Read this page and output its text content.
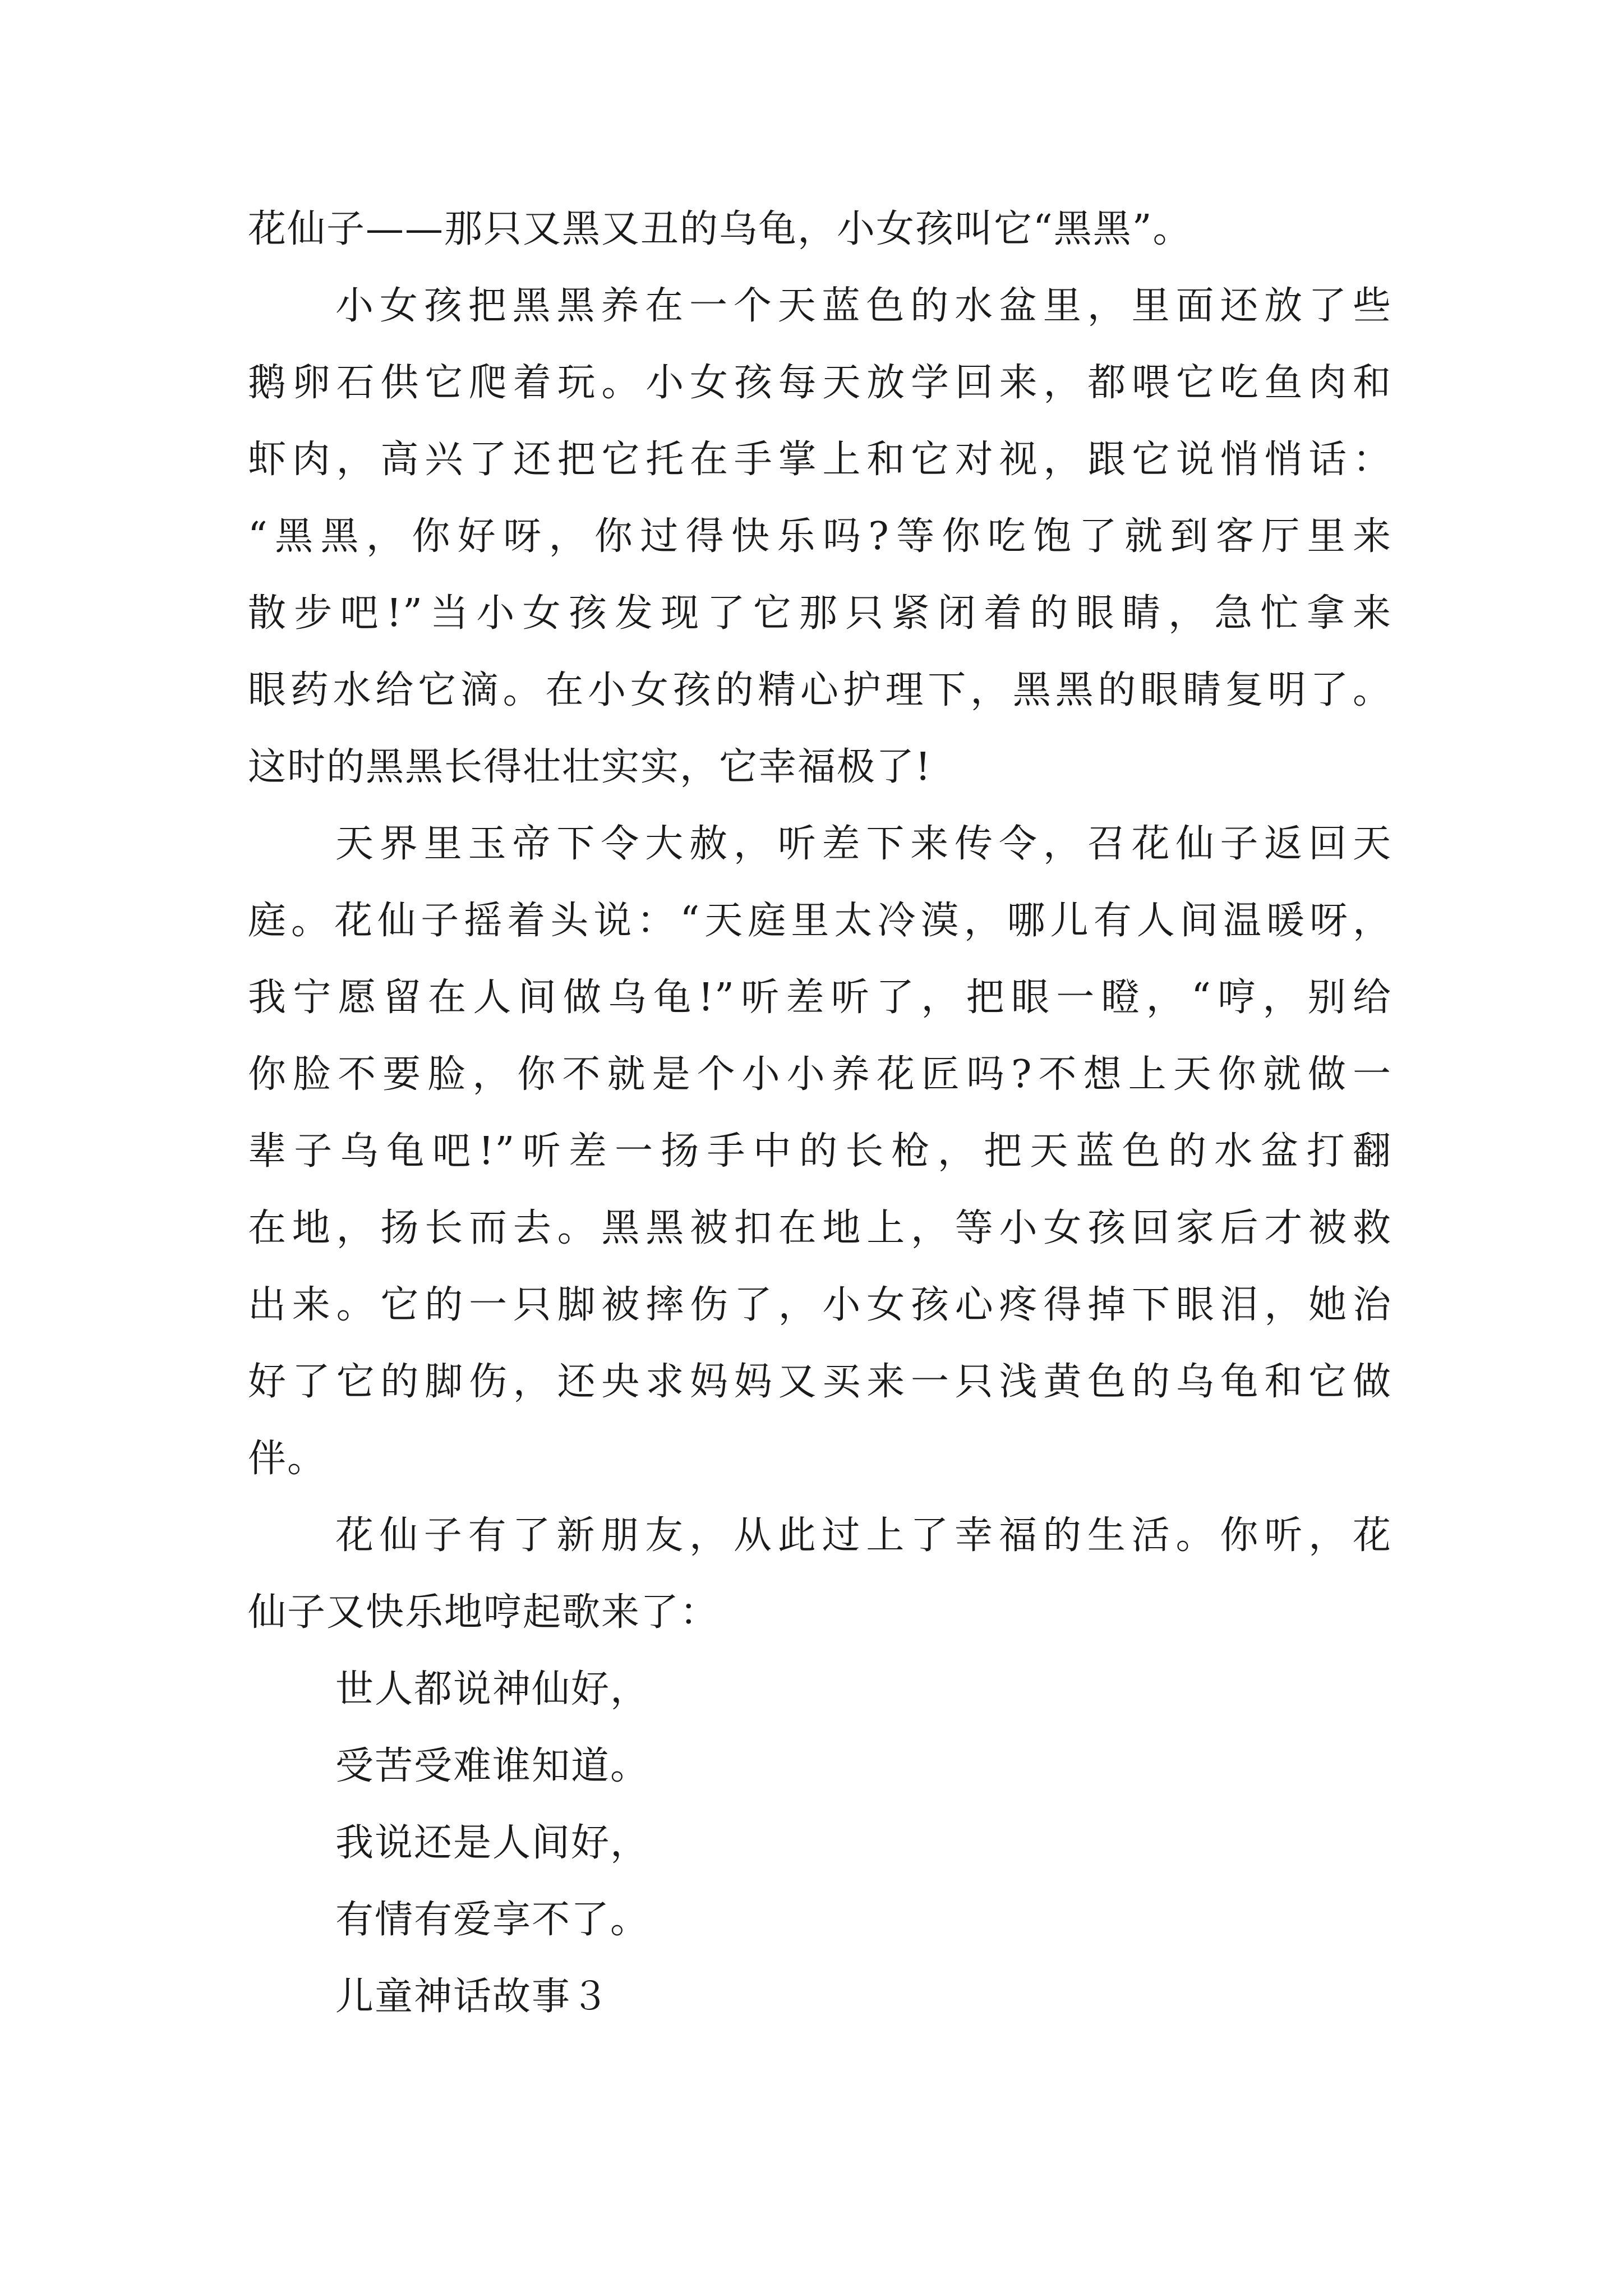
花仙子——那只又黑又丑的乌龟，小女孩叫它“黑黑”。
小女孩把黑黑养在一个天蓝色的水盆里，里面还放了些
鹅卵石供它爬着玩。小女孩每天放学回来，都喂它吃鱼肉和
虾肉，高兴了还把它托在手掌上和它对视，跟它说悄悄话：
“黑黑，你好呀，你过得快乐吗?等你吃饱了就到客厅里来
散步吧!”当小女孩发现了它那只紧闭着的眼睛，急忙拿来
眼药水给它滴。在小女孩的精心护理下，黑黑的眼睛复明了。
这时的黑黑长得壮壮实实，它幸福极了!
天界里玉帝下令大赦，听差下来传令，召花仙子返回天
庭。花仙子摇着头说：“天庭里太冷漠，哪儿有人间温暖呀，
我宁愿留在人间做乌龟!”听差听了，把眼一瞪，“哼，别给
你脸不要脸，你不就是个小小养花匠吗?不想上天你就做一
辈子乌龟吧!”听差一扬手中的长枪，把天蓝色的水盆打翻
在地，扬长而去。黑黑被扣在地上，等小女孩回家后才被救
出来。它的一只脚被摔伤了，小女孩心疼得掉下眼泪，她治
好了它的脚伤，还央求妈妈又买来一只浅黄色的乌龟和它做
伴。
花仙子有了新朋友，从此过上了幸福的生活。你听，花
仙子又快乐地哼起歌来了：
世人都说神仙好，
受苦受难谁知道。
我说还是人间好，
有情有爱享不了。
儿童神话故事３
